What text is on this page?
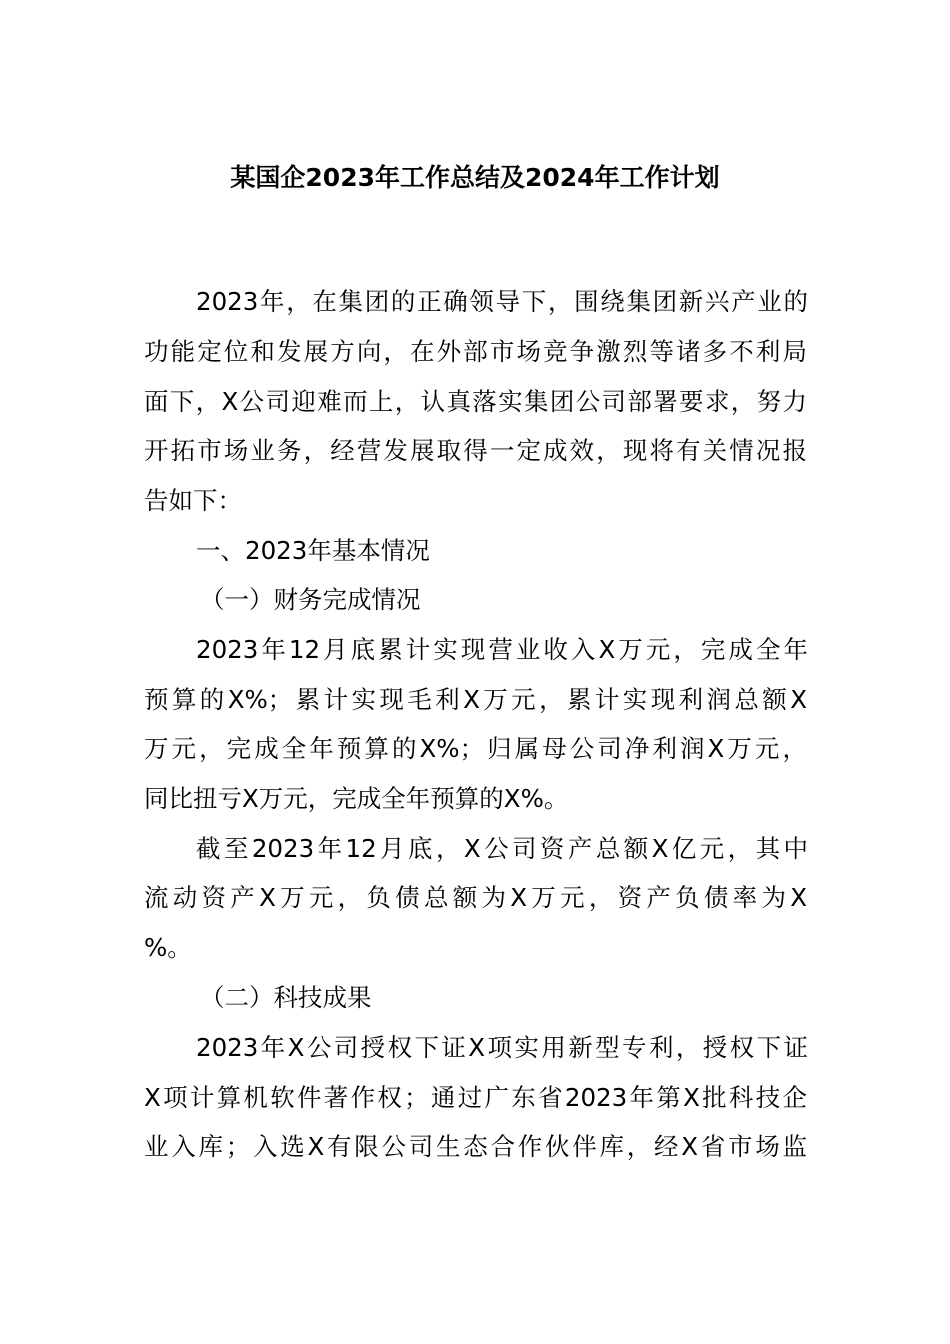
某国企2023年工作总结及2024年工作计划
2023年，在集团的正确领导下，围绕集团新兴产业的
功能定位和发展方向，在外部市场竞争激烈等诸多不利局
面下，X公司迎难而上，认真落实集团公司部署要求，努力
开拓市场业务，经营发展取得一定成效，现将有关情况报
告如下：
一、2023年基本情况
（一）财务完成情况
2023年12月底累计实现营业收入X万元，完成全年
预算的X%；累计实现毛利X万元，累计实现利润总额X
万元，完成全年预算的X%；归属母公司净利润X万元，
同比扭亏X万元，完成全年预算的X%。
截至2023年12月底，X公司资产总额X亿元，其中
流动资产X万元，负债总额为X万元，资产负债率为X
%。
（二）科技成果
2023年X公司授权下证X项实用新型专利，授权下证
X项计算机软件著作权；通过广东省2023年第X批科技企
业入库；入选X有限公司生态合作伙伴库，经X省市场监
